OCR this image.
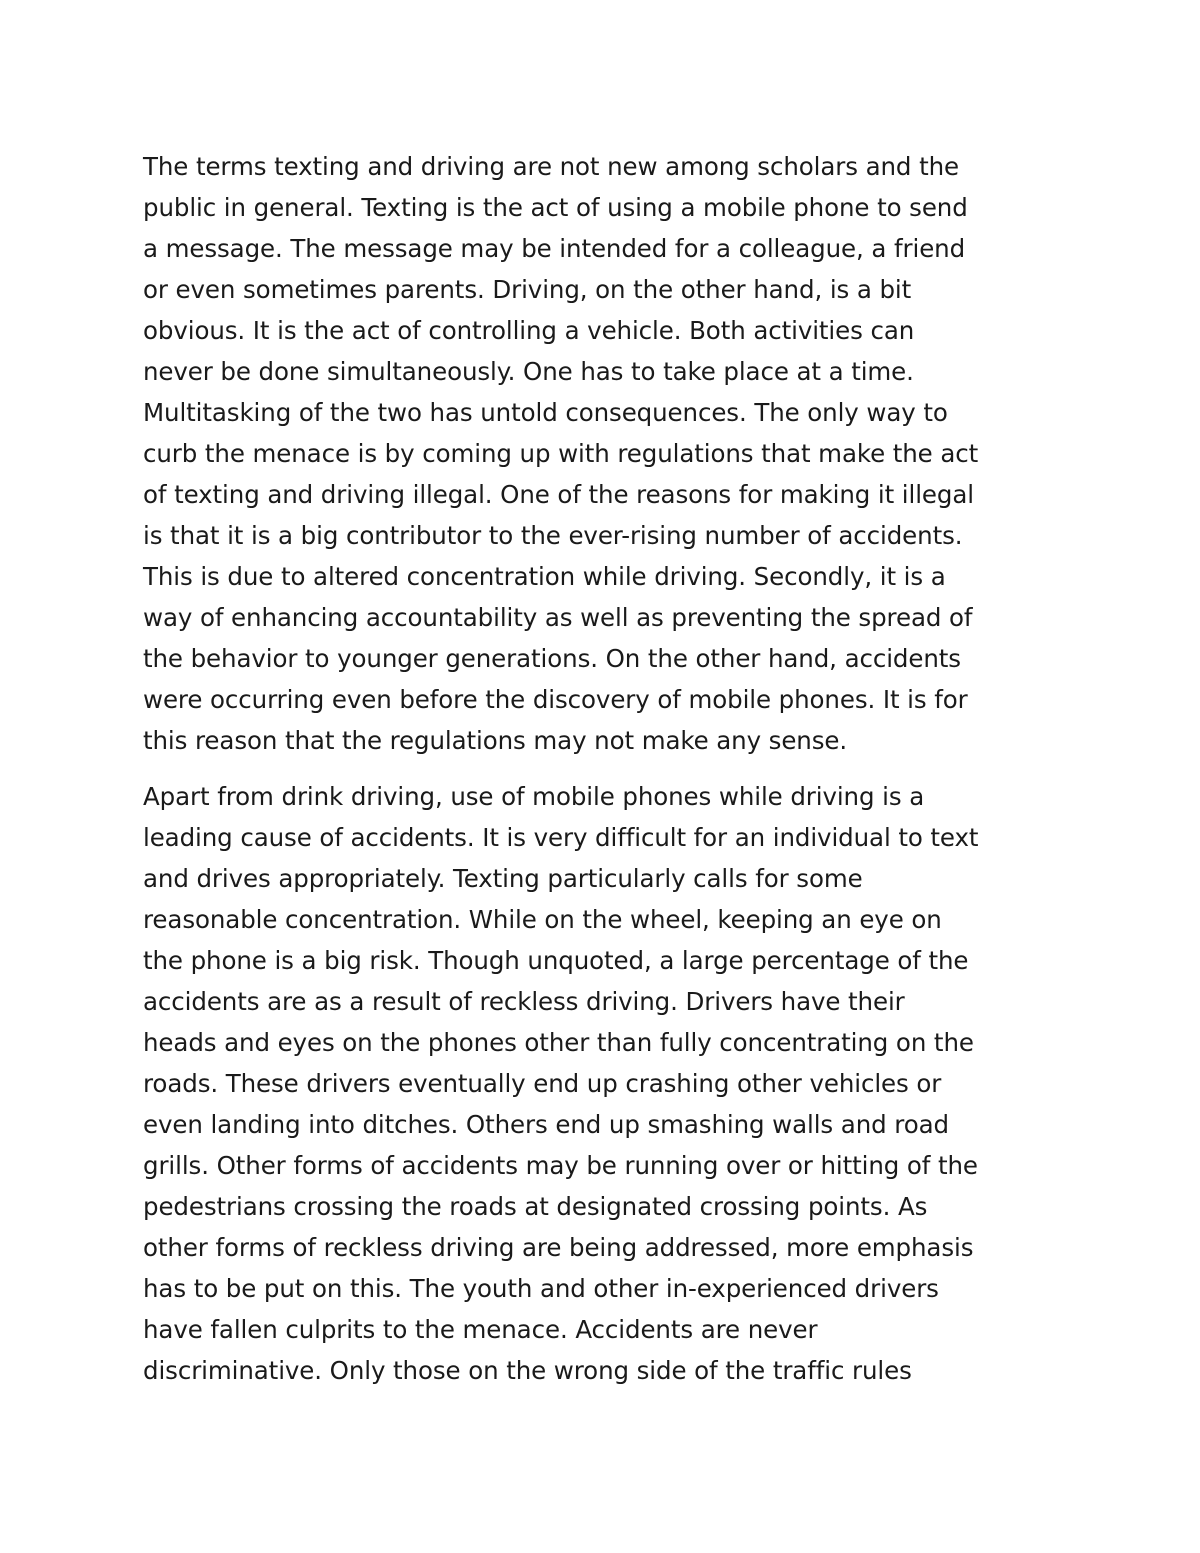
The terms texting and driving are not new among scholars and the
public in general. Texting is the act of using a mobile phone to send
a message. The message may be intended for a colleague, a friend
or even sometimes parents. Driving, on the other hand, is a bit
obvious. It is the act of controlling a vehicle. Both activities can
never be done simultaneously. One has to take place at a time.
Multitasking of the two has untold consequences. The only way to
curb the menace is by coming up with regulations that make the act
of texting and driving illegal. One of the reasons for making it illegal
is that it is a big contributor to the ever-rising number of accidents.
This is due to altered concentration while driving. Secondly, it is a
way of enhancing accountability as well as preventing the spread of
the behavior to younger generations. On the other hand, accidents
were occurring even before the discovery of mobile phones. It is for
this reason that the regulations may not make any sense.

Apart from drink driving, use of mobile phones while driving is a
leading cause of accidents. It is very difficult for an individual to text
and drives appropriately. Texting particularly calls for some
reasonable concentration. While on the wheel, keeping an eye on
the phone is a big risk. Though unquoted, a large percentage of the
accidents are as a result of reckless driving. Drivers have their
heads and eyes on the phones other than fully concentrating on the
roads. These drivers eventually end up crashing other vehicles or
even landing into ditches. Others end up smashing walls and road
grills. Other forms of accidents may be running over or hitting of the
pedestrians crossing the roads at designated crossing points. As
other forms of reckless driving are being addressed, more emphasis
has to be put on this. The youth and other in-experienced drivers
have fallen culprits to the menace. Accidents are never
discriminative. Only those on the wrong side of the traffic rules
